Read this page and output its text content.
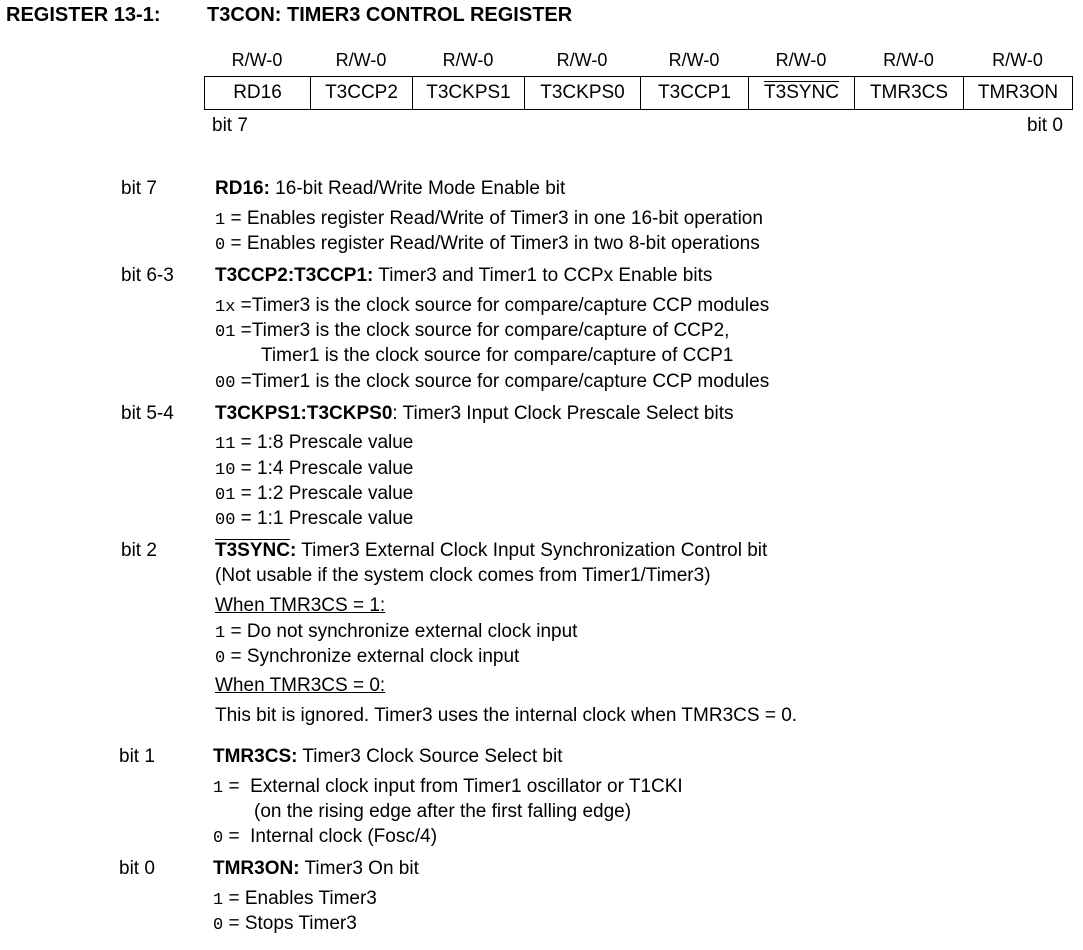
REGISTER 13-1: T3CON: TIMER3 CONTROL REGISTER
R/W-0	R/W-0	R/W-0	R/W-0	R/W-0	R/W-0	R/W-0	R/W-0
RD16	T3CCP2	T3CKPS1	T3CKPS0	T3CCP1	T3SYNC	TMR3CS	TMR3ON
bit 7	bit 0
bit 7	RD16: 16-bit Read/Write Mode Enable bit
1 = Enables register Read/Write of Timer3 in one 16-bit operation
0 = Enables register Read/Write of Timer3 in two 8-bit operations
bit 6-3 T3CCP2:T3CCP1: Timer3 and Timer1 to CCPx Enable bits
1x =Timer3 is the clock source for compare/capture CCP modules
01 =Timer3 is the clock source for compare/capture of CCP2,
Timer1 is the clock source for compare/capture of CCP1
00 =Timer1 is the clock source for compare/capture CCP modules
bit 5-4 T3CKPS1:T3CKPS0: Timer3 Input Clock Prescale Select bits
11 = 1:8 Prescale value
10 = 1:4 Prescale value
01 = 1:2 Prescale value
00 = 1:1 Prescale value
bit 2	T3SYNC: Timer3 External Clock Input Synchronization Control bit
(Not usable if the system clock comes from Timer1/Timer3)
When TMR3CS = 1:
1 = Do not synchronize external clock input
0 = Synchronize external clock input
When TMR3CS = 0:
This bit is ignored. Timer3 uses the internal clock when TMR3CS = 0.
bit 1	TMR3CS: Timer3 Clock Source Select bit
1 =  External clock input from Timer1 oscillator or T1CKI
(on the rising edge after the first falling edge)
0 =  Internal clock (Fosc/4)
bit 0	TMR3ON: Timer3 On bit
1 = Enables Timer3
0 = Stops Timer3
